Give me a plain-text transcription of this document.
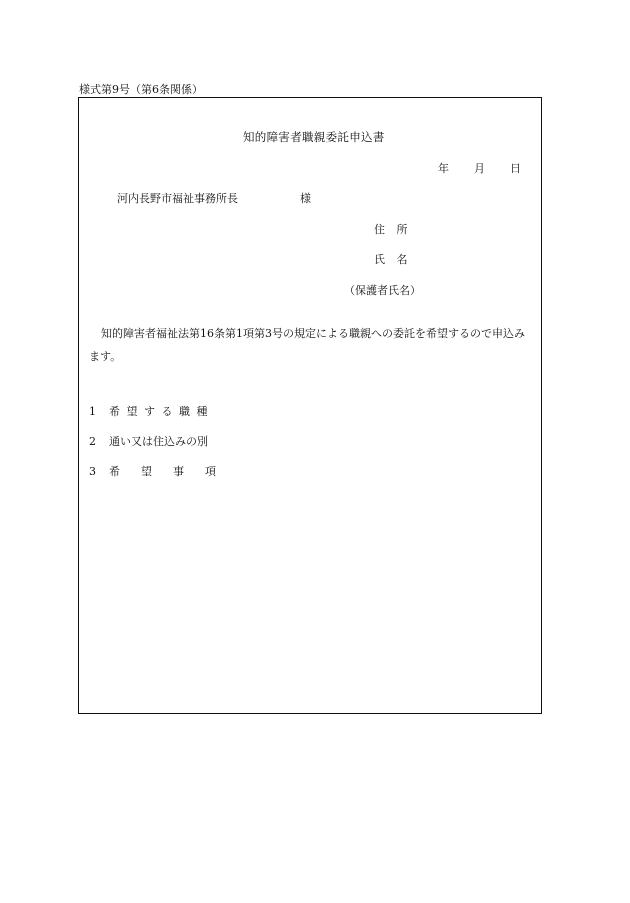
様式第9号（第6条関係）
知的障害者職親委託申込書
年 月 日
河内長野市福祉事務所長	様
住 所
氏 名
（保護者氏名）
知的障害者福祉法第16条第1項第3号の規定による職親への委託を希望するので申込みます。
1 希望する職種
2 通い又は住込みの別
3 希望事項
